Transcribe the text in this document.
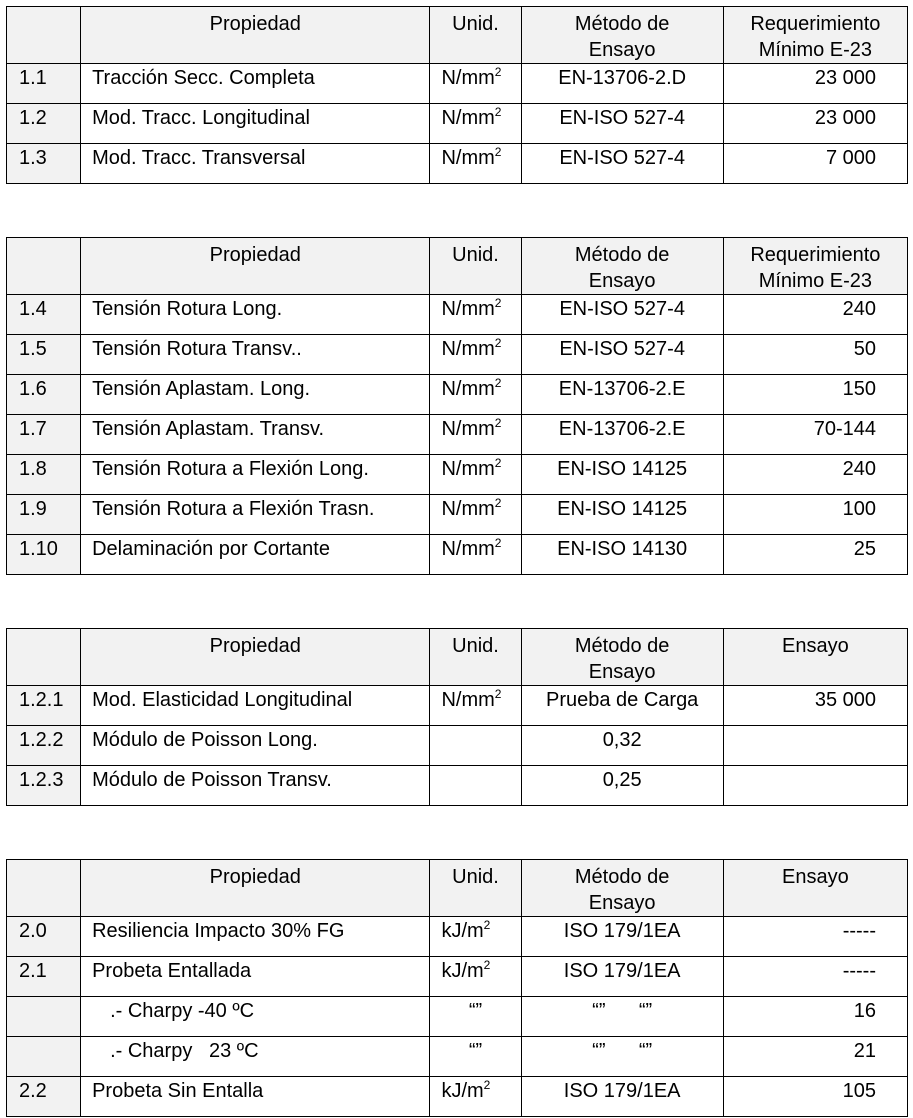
	Propiedad	Unid.	Método de Ensayo	Requerimiento Mínimo E-23
1.1	Tracción Secc. Completa	$N/mm^2$	EN-13706-2.D	23 000
1.2	Mod. Tracc. Longitudinal	$N/mm^2$	EN-ISO 527-4	23 000
1.3	Mod. Tracc. Transversal	$N/mm^2$	EN-ISO 527-4	7 000
	Propiedad	Unid.	Método de Ensayo	Requerimiento Mínimo E-23
1.4	Tensión Rotura Long.	$N/mm^2$	EN-ISO 527-4	240
1.5	Tensión Rotura Transv..	$N/mm^2$	EN-ISO 527-4	50
1.6	Tensión Aplastam. Long.	$N/mm^2$	EN-13706-2.E	150
1.7	Tensión Aplastam. Transv.	$N/mm^2$	EN-13706-2.E	70-144
1.8	Tensión Rotura a Flexión Long.	$N/mm^2$	EN-ISO 14125	240
1.9	Tensión Rotura a Flexión Trasn.	$N/mm^2$	EN-ISO 14125	100
1.10	Delaminación por Cortante	$N/mm^2$	EN-ISO 14130	25
	Propiedad	Unid.	Método de Ensayo	Ensayo
1.2.1	Mod. Elasticidad Longitudinal	$N/mm^2$	Prueba de Carga	35 000
1.2.2	Módulo de Poisson Long.		0,32	
1.2.3	Módulo de Poisson Transv.		0,25	
	Propiedad	Unid.	Método de Ensayo	Ensayo
2.0	Resiliencia Impacto 30% FG	$kJ/m^2$	ISO 179/1EA	-----
2.1	Probeta Entallada	$kJ/m^2$	ISO 179/1EA	-----
	.- Charpy -40 ºC	“”	“”      “”	16
	.- Charpy   23 ºC	“”	“”      “”	21
2.2	Probeta Sin Entalla	$kJ/m^2$	ISO 179/1EA	105
